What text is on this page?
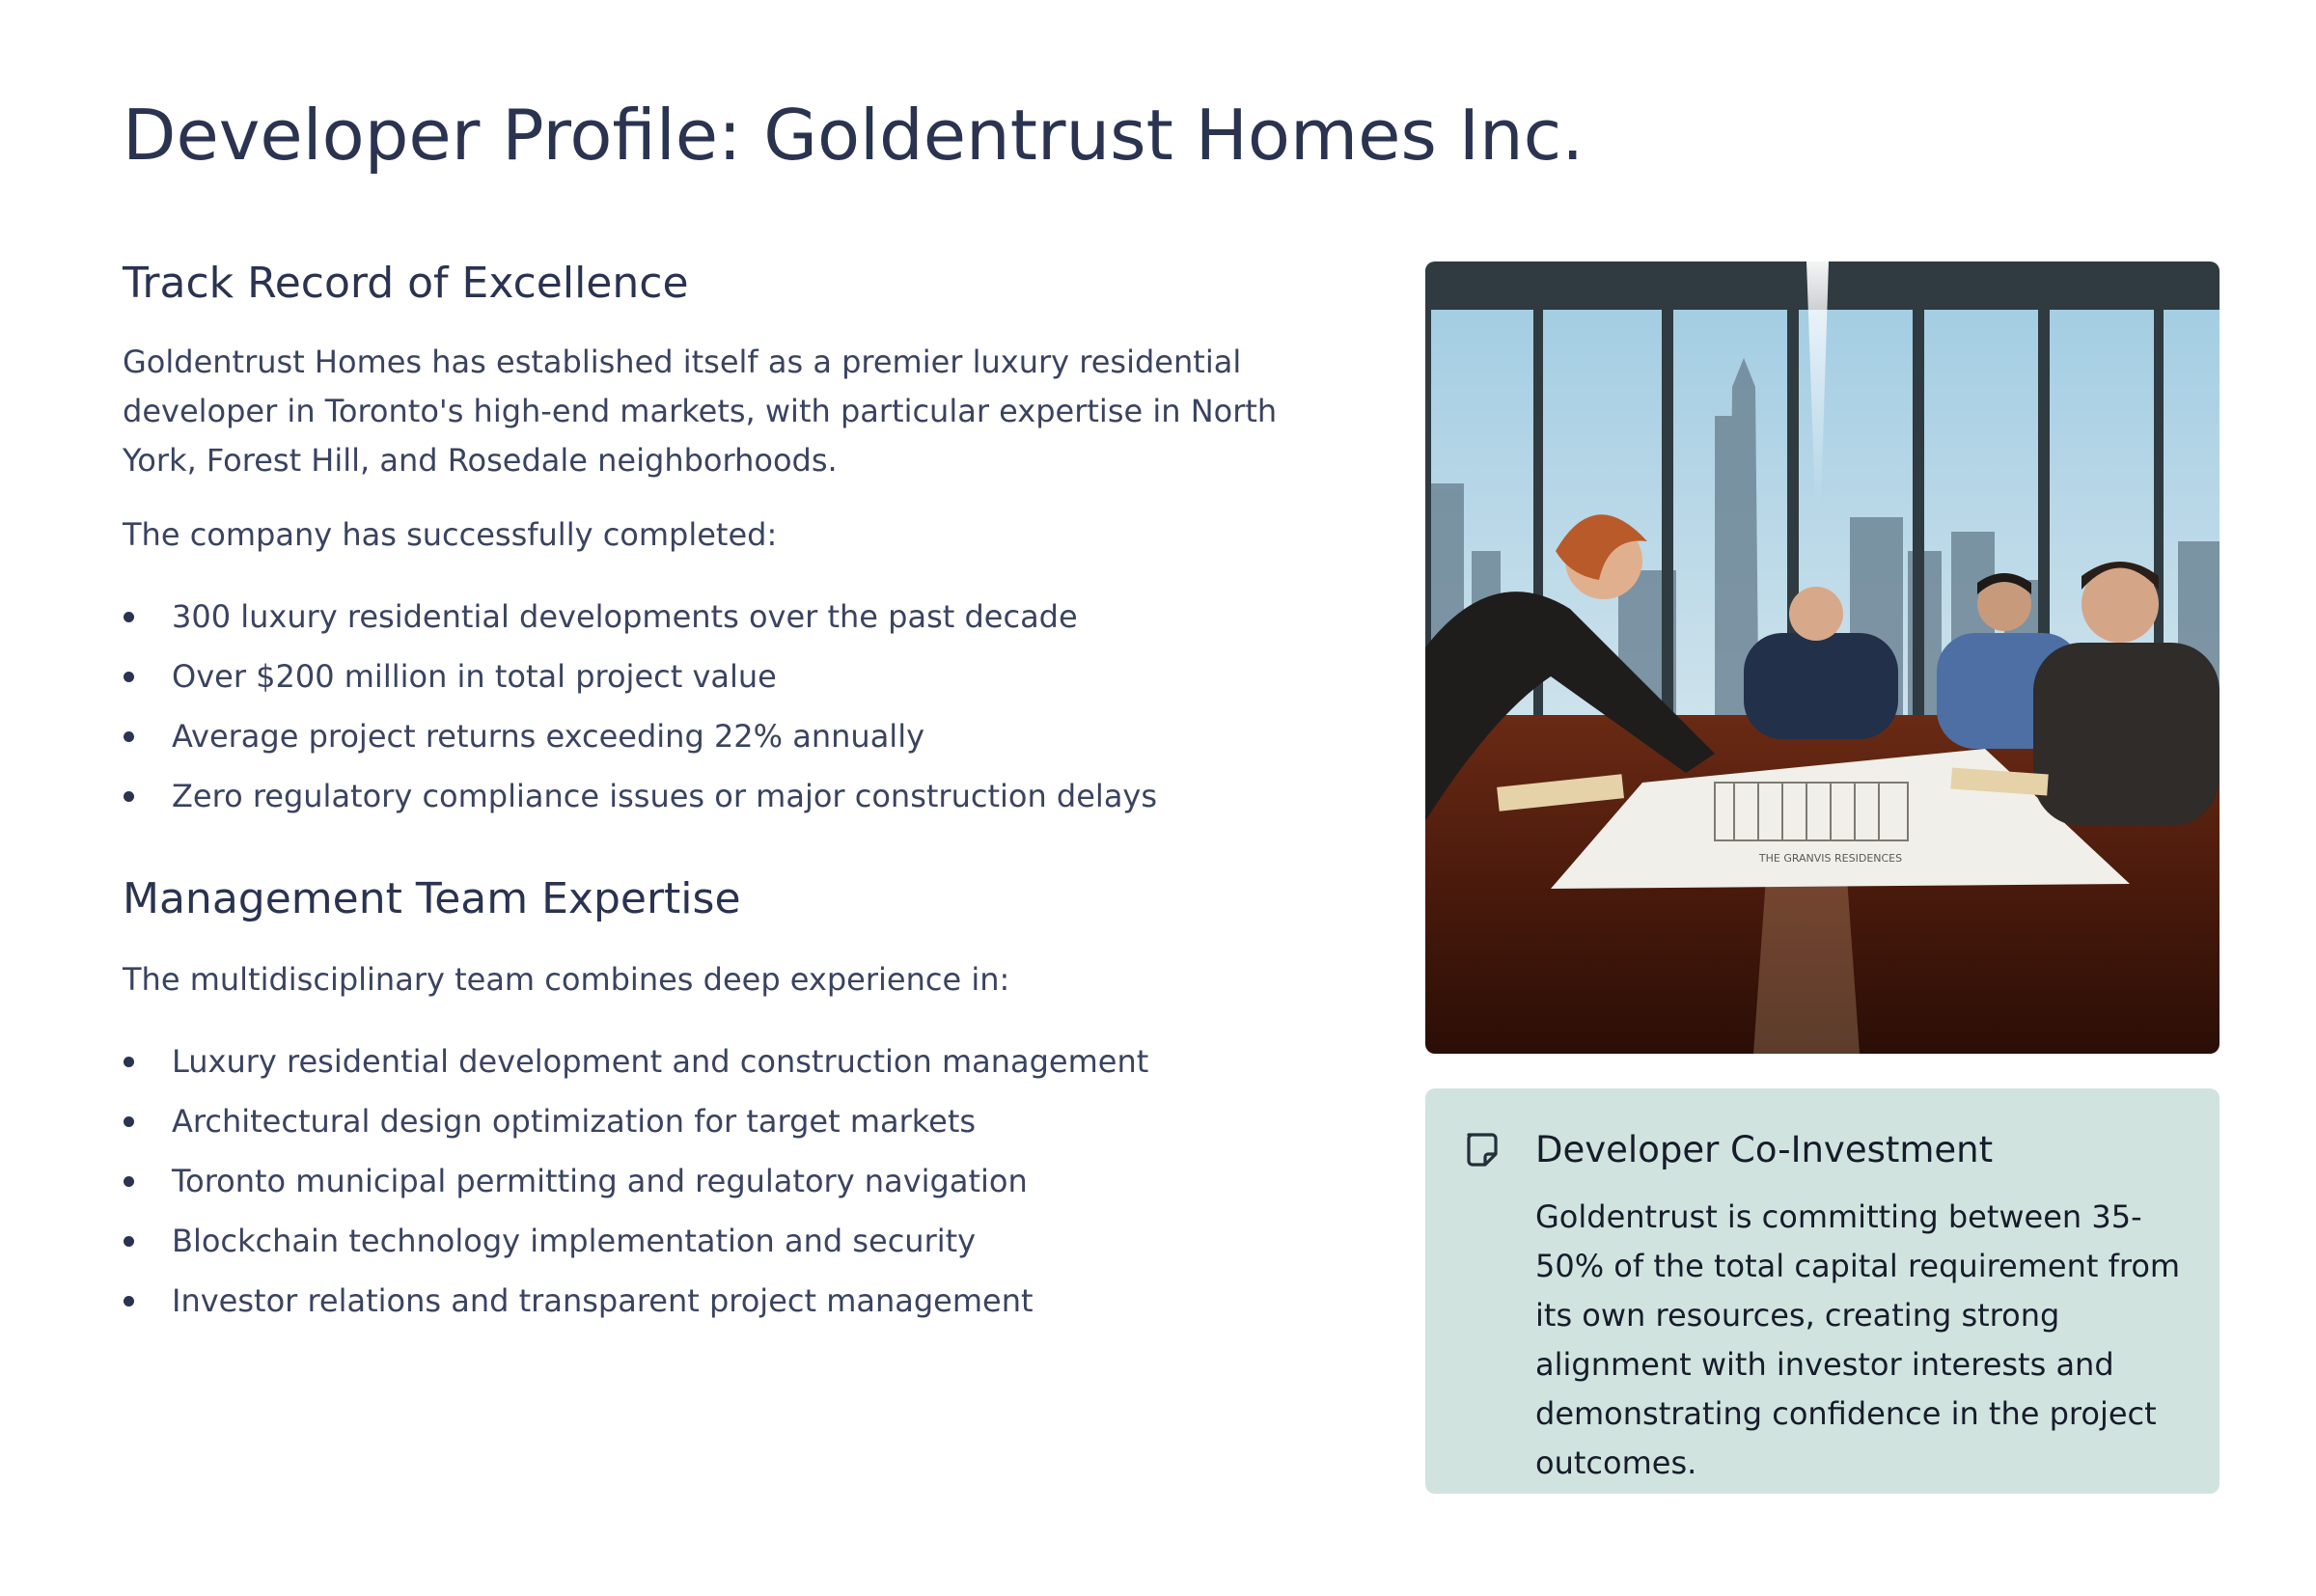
Developer Profile: Goldentrust Homes Inc.
Track Record of Excellence

Goldentrust Homes has established itself as a premier luxury residential developer in Toronto's high-end markets, with particular expertise in North York, Forest Hill, and Rosedale neighborhoods.

The company has successfully completed:

300 luxury residential developments over the past decade
Over $200 million in total project value
Average project returns exceeding 22% annually
Zero regulatory compliance issues or major construction delays
Management Team Expertise

The multidisciplinary team combines deep experience in:

Luxury residential development and construction management
Architectural design optimization for target markets
Toronto municipal permitting and regulatory navigation
Blockchain technology implementation and security
Investor relations and transparent project management
THE GRANVIS RESIDENCES
Developer Co-Investment

Goldentrust is committing between 35-50% of the total capital requirement from its own resources, creating strong alignment with investor interests and demonstrating confidence in the project outcomes.
